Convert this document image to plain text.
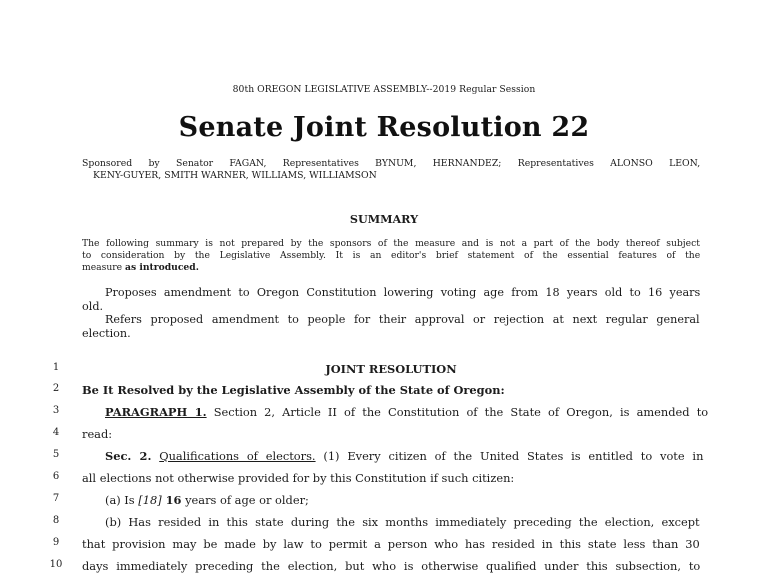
80th OREGON LEGISLATIVE ASSEMBLY--2019 Regular Session
Senate Joint Resolution 22
Sponsored by Senator FAGAN, Representatives BYNUM, HERNANDEZ; Representatives ALONSO LEON,
KENY-GUYER, SMITH WARNER, WILLIAMS, WILLIAMSON
SUMMARY
The following summary is not prepared by the sponsors of the measure and is not a part of the body thereof subject
to consideration by the Legislative Assembly. It is an editor's brief statement of the essential features of the
measure as introduced.
Proposes amendment to Oregon Constitution lowering voting age from 18 years old to 16 years
old.
Refers proposed amendment to people for their approval or rejection at next regular general
election.
1	JOINT RESOLUTION
2	Be It Resolved by the Legislative Assembly of the State of Oregon:
3	PARAGRAPH 1. Section 2, Article II of the Constitution of the State of Oregon, is amended to
4	read:
5	Sec. 2. Qualifications of electors. (1) Every citizen of the United States is entitled to vote in
6	all elections not otherwise provided for by this Constitution if such citizen:
7	(a) Is [18] 16 years of age or older;
8	(b) Has resided in this state during the six months immediately preceding the election, except
9	that provision may be made by law to permit a person who has resided in this state less than 30
10	days immediately preceding the election, but who is otherwise qualified under this subsection, to
